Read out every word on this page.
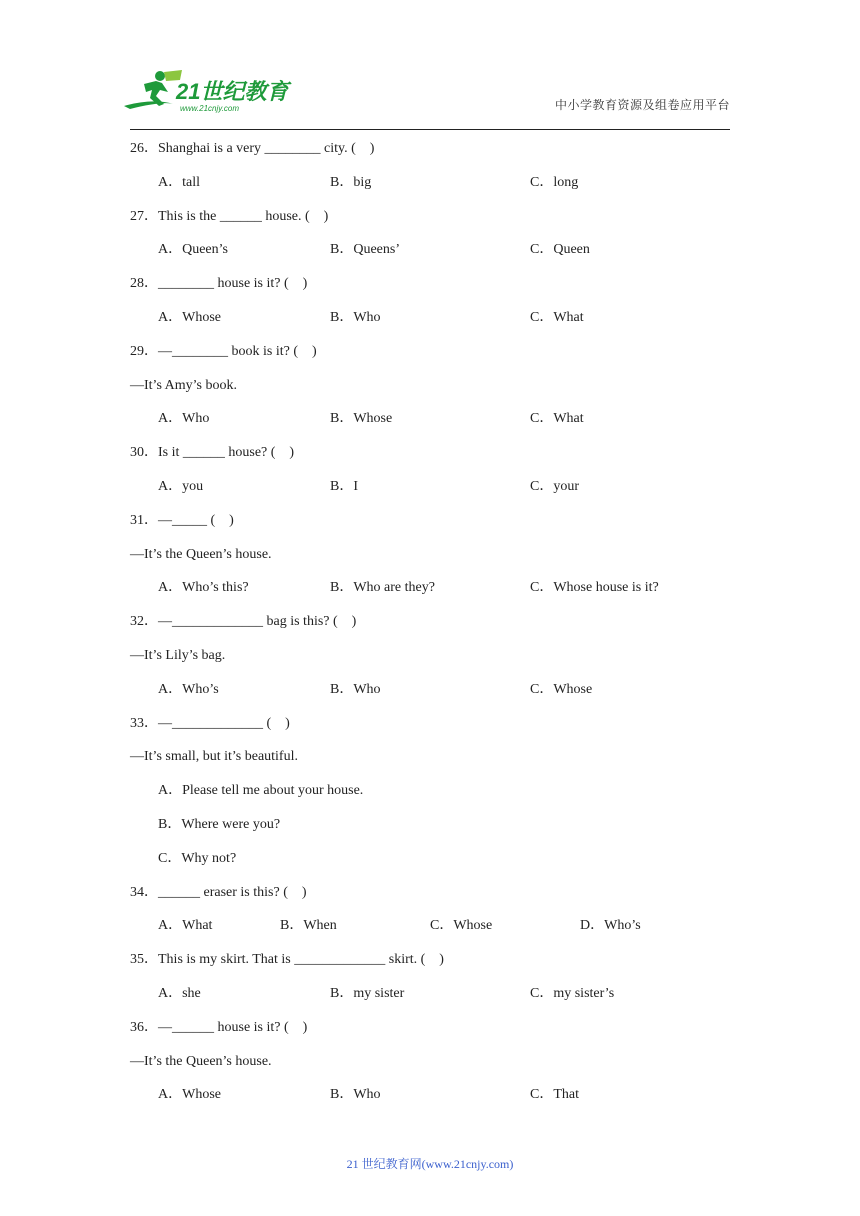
21世纪教育
www.21cnjy.com	中小学教育资源及组卷应用平台
26．Shanghai is a very ________ city. (    )
A．tall	B．big	C．long
27．This is the ______ house. (    )
A．Queen’s	B．Queens’	C．Queen
28．________ house is it? (    )
A．Whose	B．Who	C．What
29．—________ book is it? (    )
—It’s Amy’s book.
A．Who	B．Whose	C．What
30．Is it ______ house? (    )
A．you	B．I	C．your
31．—_____ (    )
—It’s the Queen’s house.
A．Who’s this?	B．Who are they?	C．Whose house is it?
32．—_____________ bag is this? (    )
—It’s Lily’s bag.
A．Who’s	B．Who	C．Whose
33．—_____________ (    )
—It’s small, but it’s beautiful.
A．Please tell me about your house.
B．Where were you?
C．Why not?
34．______ eraser is this? (    )
A．What	B．When	C．Whose	D．Who’s
35．This is my skirt. That is _____________ skirt. (    )
A．she	B．my sister	C．my sister’s
36．—______ house is it? (    )
—It’s the Queen’s house.
A．Whose	B．Who	C．That
21 世纪教育网(www.21cnjy.com)
